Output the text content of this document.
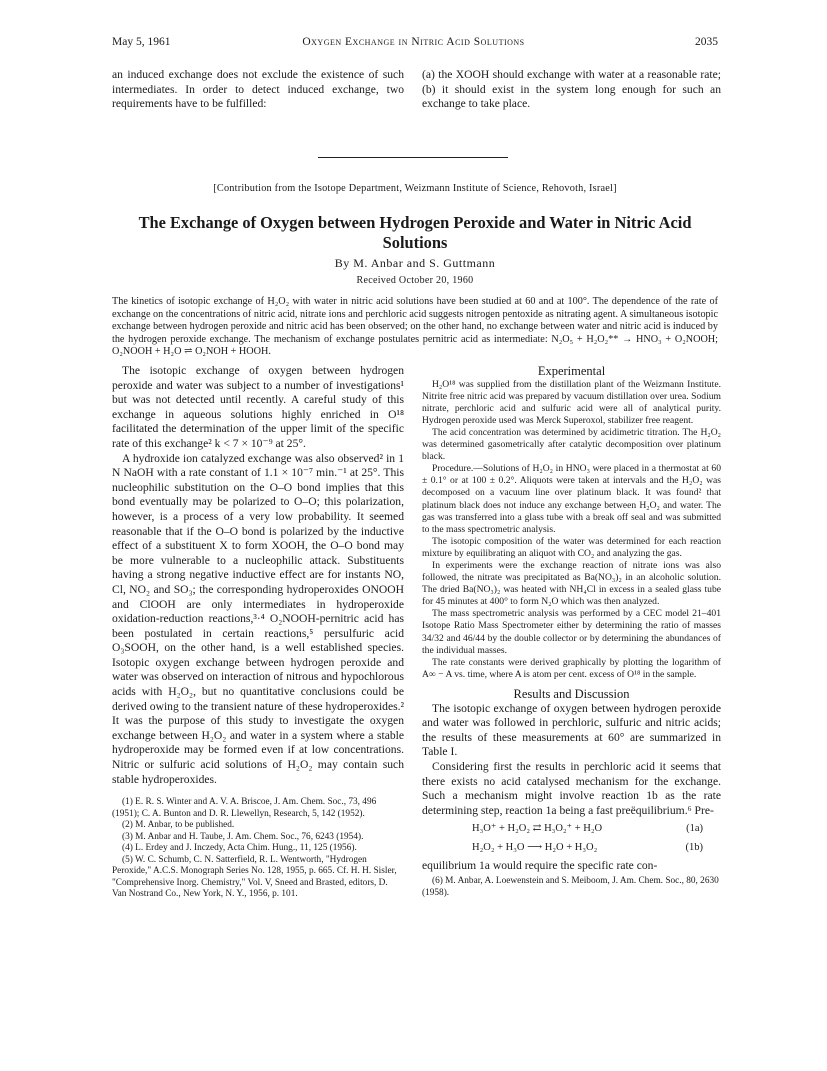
May 5, 1961	Oxygen Exchange in Nitric Acid Solutions	2035

an induced exchange does not exclude the existence of such intermediates. In order to detect induced exchange, two requirements have to be fulfilled:

(a) the XOOH should exchange with water at a reasonable rate; (b) it should exist in the system long enough for such an exchange to take place.

[Contribution from the Isotope Department, Weizmann Institute of Science, Rehovoth, Israel]
The Exchange of Oxygen between Hydrogen Peroxide and Water in Nitric Acid Solutions
By M. Anbar and S. Guttmann
Received October 20, 1960
The kinetics of isotopic exchange of H₂O₂ with water in nitric acid solutions have been studied at 60 and at 100°. The dependence of the rate of exchange on the concentrations of nitric acid, nitrate ions and perchloric acid suggests nitrogen pentoxide as nitrating agent. A simultaneous isotopic exchange between hydrogen peroxide and nitric acid has been observed; on the other hand, no exchange between water and nitric acid is induced by the hydrogen peroxide exchange. The mechanism of exchange postulates pernitric acid as intermediate: N₂O₅ + H₂O₂** → HNO₃ + O₂NOOH; O₂NOOH + H₂O ⇌ O₂NOH + HOOH.

The isotopic exchange of oxygen between hydrogen peroxide and water was subject to a number of investigations¹ but was not detected until recently. A careful study of this exchange in aqueous solutions highly enriched in O¹⁸ facilitated the determination of the upper limit of the specific rate of this exchange² k < 7 × 10⁻⁹ at 25°.

A hydroxide ion catalyzed exchange was also observed² in 1 N NaOH with a rate constant of 1.1 × 10⁻⁷ min.⁻¹ at 25°. This nucleophilic substitution on the O–O bond implies that this bond eventually may be polarized to O–O; this polarization, however, is a process of a very low probability. It seemed reasonable that if the O–O bond is polarized by the inductive effect of a substituent X to form XOOH, the O–O bond may be more vulnerable to a nucleophilic attack. Substituents having a strong negative inductive effect are for instants NO, Cl, NO₂ and SO₃; the corresponding hydroperoxides ONOOH and ClOOH are only intermediates in hydroperoxide oxidation-reduction reactions,³·⁴ O₂NOOH-pernitric acid has been postulated in certain reactions,⁵ persulfuric acid O₃SOOH, on the other hand, is a well established species. Isotopic oxygen exchange between hydrogen peroxide and water was observed on interaction of nitrous and hypochlorous acids with H₂O₂, but no quantitative conclusions could be derived owing to the transient nature of these hydroperoxides.² It was the purpose of this study to investigate the oxygen exchange between H₂O₂ and water in a system where a stable hydroperoxide may be formed even if at low concentrations. Nitric or sulfuric acid solutions of H₂O₂ may contain such stable hydroperoxides.

(1) E. R. S. Winter and A. V. A. Briscoe, J. Am. Chem. Soc., 73, 496 (1951); C. A. Bunton and D. R. Llewellyn, Research, 5, 142 (1952).

(2) M. Anbar, to be published.

(3) M. Anbar and H. Taube, J. Am. Chem. Soc., 76, 6243 (1954).

(4) L. Erdey and J. Inczedy, Acta Chim. Hung., 11, 125 (1956).

(5) W. C. Schumb, C. N. Satterfield, R. L. Wentworth, "Hydrogen Peroxide," A.C.S. Monograph Series No. 128, 1955, p. 665. Cf. H. H. Sisler, "Comprehensive Inorg. Chemistry," Vol. V, Sneed and Brasted, editors, D. Van Nostrand Co., New York, N. Y., 1956, p. 101.

Experimental

H₂O¹⁸ was supplied from the distillation plant of the Weizmann Institute. Nitrite free nitric acid was prepared by vacuum distillation over urea. Sodium nitrate, perchloric acid and sulfuric acid were all of analytical purity. Hydrogen peroxide used was Merck Superoxol, stabilizer free reagent.

The acid concentration was determined by acidimetric titration. The H₂O₂ was determined gasometrically after catalytic decomposition over platinum black.

Procedure.—Solutions of H₂O₂ in HNO₃ were placed in a thermostat at 60 ± 0.1° or at 100 ± 0.2°. Aliquots were taken at intervals and the H₂O₂ was decomposed on a vacuum line over platinum black. It was found² that platinum black does not induce any exchange between H₂O₂ and water. The gas was transferred into a glass tube with a break off seal and was submitted to the mass spectrometric analysis.

The isotopic composition of the water was determined for each reaction mixture by equilibrating an aliquot with CO₂ and analyzing the gas.

In experiments were the exchange reaction of nitrate ions was also followed, the nitrate was precipitated as Ba(NO₃)₂ in an alcoholic solution. The dried Ba(NO₃)₂ was heated with NH₄Cl in excess in a sealed glass tube for 45 minutes at 400° to form N₂O which was then analyzed.

The mass spectrometric analysis was performed by a CEC model 21–401 Isotope Ratio Mass Spectrometer either by determining the ratio of masses 34/32 and 46/44 by the double collector or by determining the abundances of the individual masses.

The rate constants were derived graphically by plotting the logarithm of A∞ − A vs. time, where A is atom per cent. excess of O¹⁸ in the sample.

Results and Discussion

The isotopic exchange of oxygen between hydrogen peroxide and water was followed in perchloric, sulfuric and nitric acids; the results of these measurements at 60° are summarized in Table I.

Considering first the results in perchloric acid it seems that there exists no acid catalysed mechanism for the exchange. Such a mechanism might involve reaction 1b as the rate determining step, reaction 1a being a fast preëquilibrium.⁶ Pre-

H₃O⁺ + H₂O₂ ⇄ H₃O₂⁺ + H₂O	(1a)
H₂O₂ + H₃O ⟶ H₂O + H₃O₂	(1b)

equilibrium 1a would require the specific rate con-

(6) M. Anbar, A. Loewenstein and S. Meiboom, J. Am. Chem. Soc., 80, 2630 (1958).
